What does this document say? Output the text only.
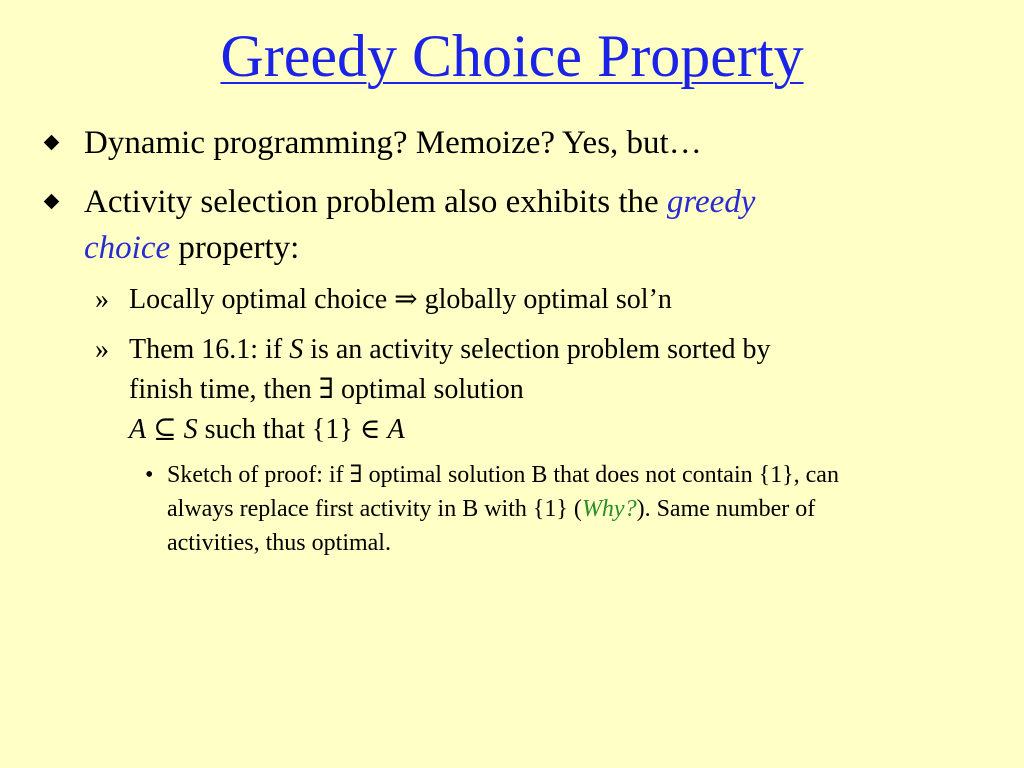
Greedy Choice Property
Dynamic programming? Memoize? Yes, but…
Activity selection problem also exhibits the greedy
choice property:
» Locally optimal choice ⇒ globally optimal sol’n
» Them 16.1: if S is an activity selection problem sorted by
finish time, then ∃ optimal solution
A ⊆ S such that {1} ∈ A
• Sketch of proof: if ∃ optimal solution B that does not contain {1}, can
always replace first activity in B with {1} (Why?). Same number of
activities, thus optimal.
